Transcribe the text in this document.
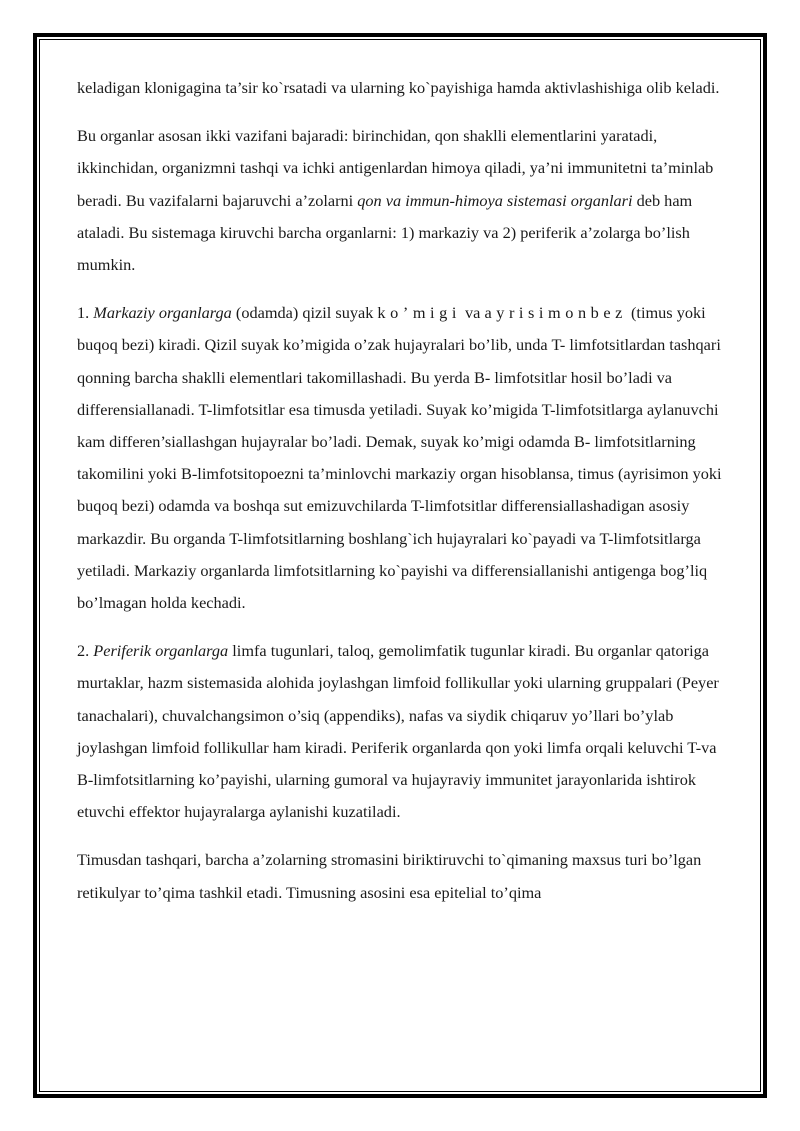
keladigan klonigagina ta’sir ko`rsatadi va ularning ko`payishiga hamda aktivlashishiga olib keladi.

Bu organlar asosan ikki vazifani bajaradi: birinchidan, qon shaklli elementlarini yaratadi, ikkinchidan, organizmni tashqi va ichki antigenlardan himoya qiladi, ya’ni immunitetni ta’minlab beradi. Bu vazifalarni bajaruvchi a’zolarni qon va immun-himoya sistemasi organlari deb ham ataladi. Bu sistemaga kiruvchi barcha organlarni: 1) markaziy va 2) periferik a’zolarga bo’lish mumkin.

1. Markaziy organlarga (odamda) qizil suyak ko’migi va ayrisimonbez (timus yoki buqoq bezi) kiradi. Qizil suyak ko’migida o’zak hujayralari bo’lib, unda T- limfotsitlardan tashqari qonning barcha shaklli elementlari takomillashadi. Bu yerda B- limfotsitlar hosil bo’ladi va differensiallanadi. T-limfotsitlar esa timusda yetiladi. Suyak ko’migida T-limfotsitlarga aylanuvchi kam differen’siallashgan hujayralar bo’ladi. Demak, suyak ko’migi odamda B- limfotsitlarning takomilini yoki B-limfotsitopoezni ta’minlovchi markaziy organ hisoblansa, timus (ayrisimon yoki buqoq bezi) odamda va boshqa sut emizuvchilarda T-limfotsitlar differensiallashadigan asosiy markazdir. Bu organda T-limfotsitlarning boshlang`ich hujayralari ko`payadi va T-limfotsitlarga yetiladi. Markaziy organlarda limfotsitlarning ko`payishi va differensiallanishi antigenga bog’liq bo’lmagan holda kechadi.

2. Periferik organlarga limfa tugunlari, taloq, gemolimfatik tugunlar kiradi. Bu organlar qatoriga murtaklar, hazm sistemasida alohida joylashgan limfoid follikullar yoki ularning gruppalari (Peyer tanachalari), chuvalchangsimon o’siq (appendiks), nafas va siydik chiqaruv yo’llari bo’ylab joylashgan limfoid follikullar ham kiradi. Periferik organlarda qon yoki limfa orqali keluvchi T-va B-limfotsitlarning ko’payishi, ularning gumoral va hujayraviy immunitet jarayonlarida ishtirok etuvchi effektor hujayralarga aylanishi kuzatiladi.

Timusdan tashqari, barcha a’zolarning stromasini biriktiruvchi to`qimaning maxsus turi bo’lgan retikulyar to’qima tashkil etadi. Timusning asosini esa epitelial to’qima
